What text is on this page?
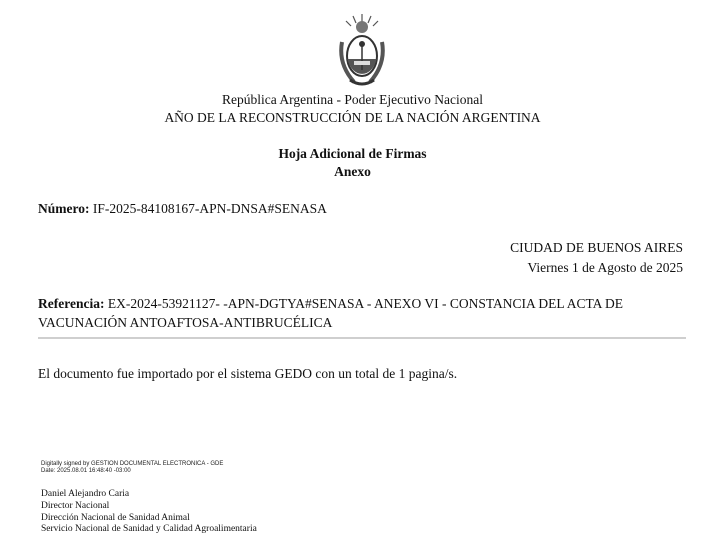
República Argentina - Poder Ejecutivo Nacional
AÑO DE LA RECONSTRUCCIÓN DE LA NACIÓN ARGENTINA
Hoja Adicional de Firmas
Anexo
Número: IF-2025-84108167-APN-DNSA#SENASA
CIUDAD DE BUENOS AIRES
Viernes 1 de Agosto de 2025
Referencia: EX-2024-53921127- -APN-DGTYA#SENASA - ANEXO VI - CONSTANCIA DEL ACTA DE
VACUNACIÓN ANTOAFTOSA-ANTIBRUCÉLICA
El documento fue importado por el sistema GEDO con un total de 1 pagina/s.
Digitally signed by GESTION DOCUMENTAL ELECTRONICA - GDE
Date: 2025.08.01 16:48:40 -03:00
Daniel Alejandro Caria
Director Nacional
Dirección Nacional de Sanidad Animal
Servicio Nacional de Sanidad y Calidad Agroalimentaria
